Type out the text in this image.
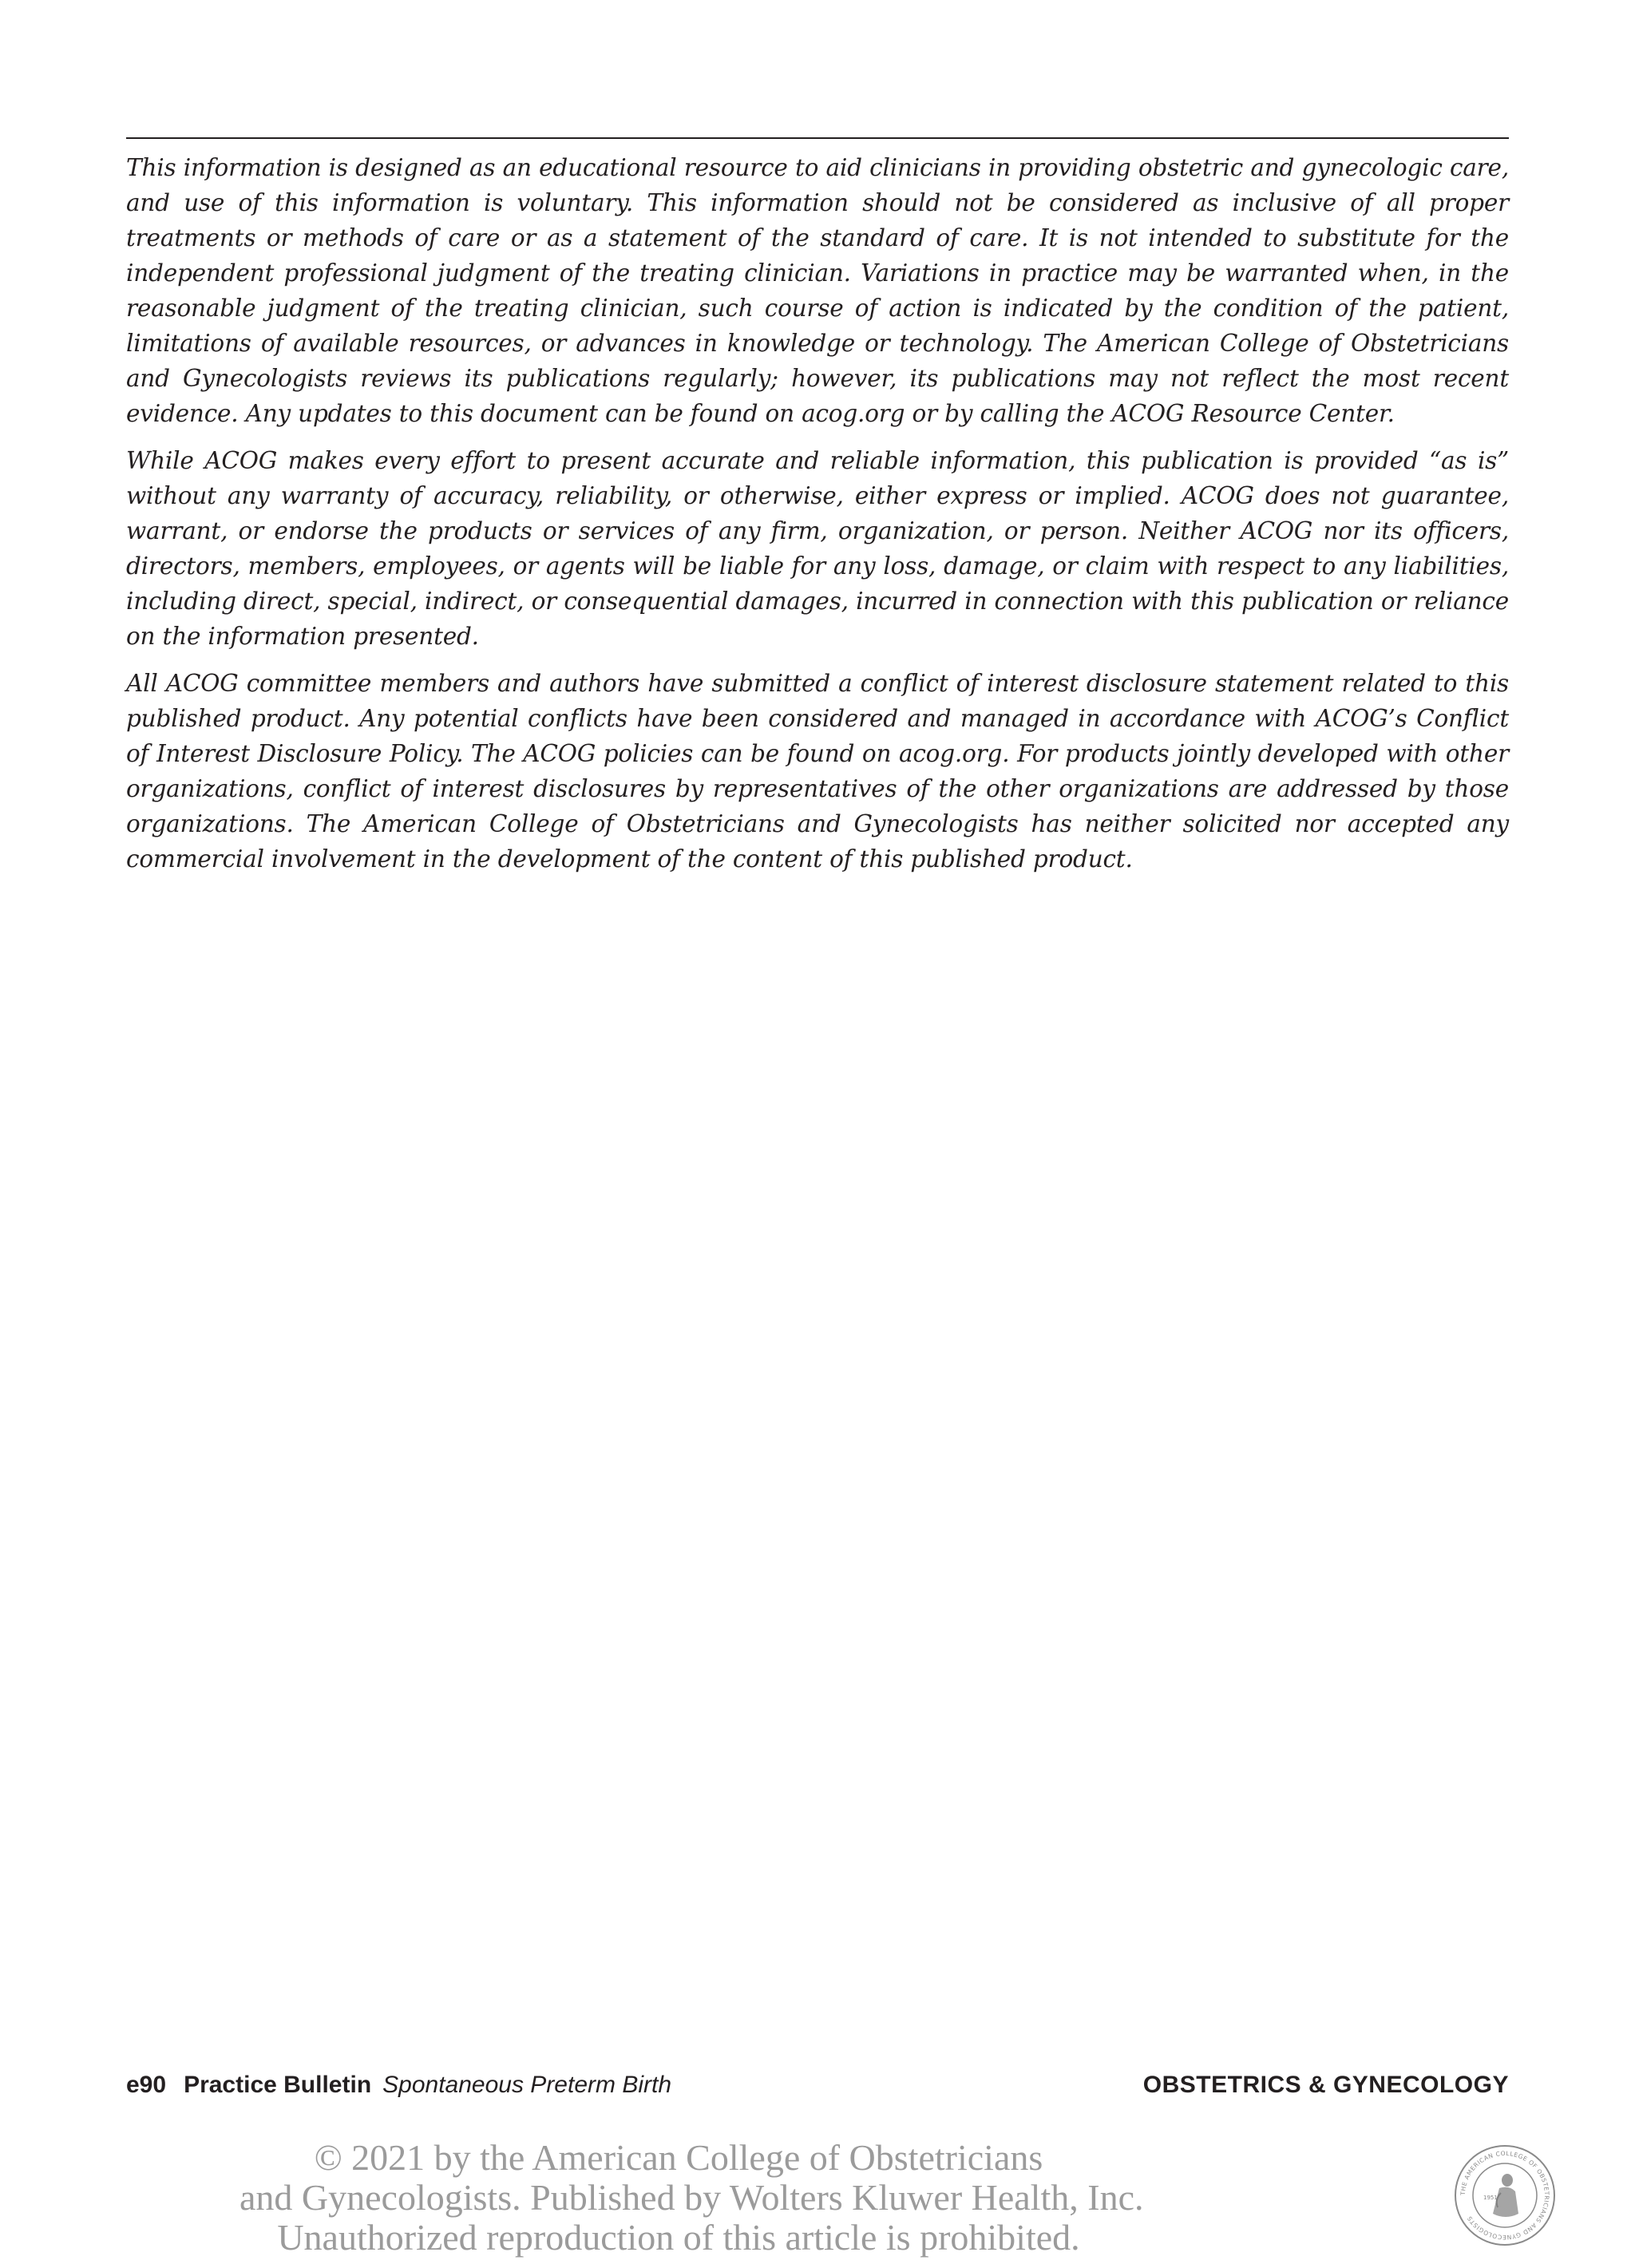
This information is designed as an educational resource to aid clinicians in providing obstetric and gynecologic care, and use of this information is voluntary. This information should not be considered as inclusive of all proper treatments or methods of care or as a statement of the standard of care. It is not intended to substitute for the independent professional judgment of the treating clinician. Variations in practice may be warranted when, in the reasonable judgment of the treating clinician, such course of action is indicated by the condition of the patient, limitations of available resources, or advances in knowledge or technology. The American College of Obstetricians and Gynecologists reviews its publications regularly; however, its publications may not reflect the most recent evidence. Any updates to this document can be found on acog.org or by calling the ACOG Resource Center.

While ACOG makes every effort to present accurate and reliable information, this publication is provided “as is” without any warranty of accuracy, reliability, or otherwise, either express or implied. ACOG does not guarantee, warrant, or endorse the products or services of any firm, organization, or person. Neither ACOG nor its officers, directors, members, employees, or agents will be liable for any loss, damage, or claim with respect to any liabilities, including direct, special, indirect, or consequential damages, incurred in connection with this publication or reliance on the information presented.

All ACOG committee members and authors have submitted a conflict of interest disclosure statement related to this published product. Any potential conflicts have been considered and managed in accordance with ACOG’s Conflict of Interest Disclosure Policy. The ACOG policies can be found on acog.org. For products jointly developed with other organizations, conflict of interest disclosures by representatives of the other organizations are addressed by those organizations. The American College of Obstetricians and Gynecologists has neither solicited nor accepted any commercial involvement in the development of the content of this published product.

e90 Practice Bulletin Spontaneous Preterm Birth	OBSTETRICS & GYNECOLOGY
© 2021 by the American College of Obstetricians
and Gynecologists. Published by Wolters Kluwer Health, Inc.
Unauthorized reproduction of this article is prohibited.
THE AMERICAN COLLEGE OF OBSTETRICIANS AND GYNECOLOGISTS
1951
